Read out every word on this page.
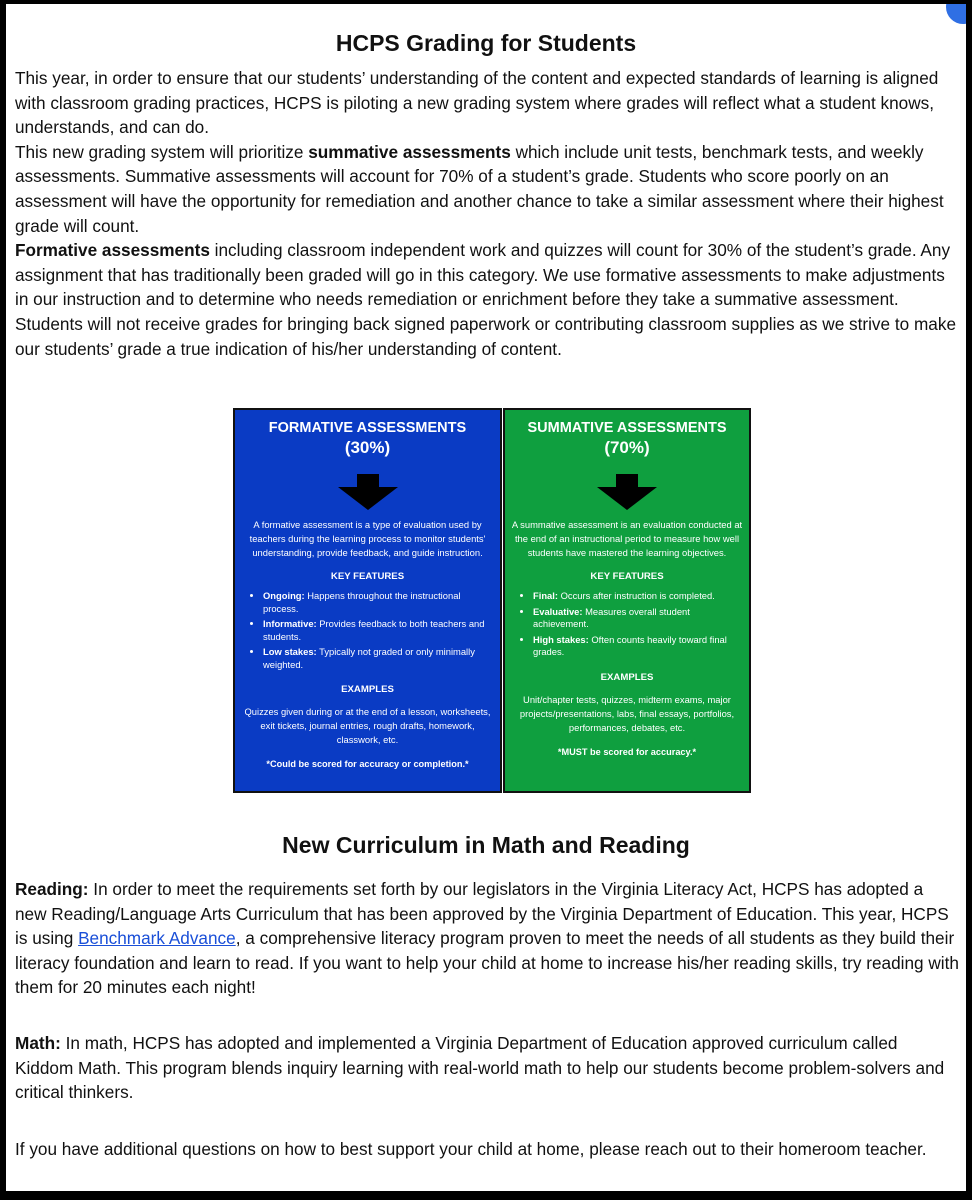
HCPS Grading for Students

This year, in order to ensure that our students’ understanding of the content and expected standards of learning is aligned with classroom grading practices, HCPS is piloting a new grading system where grades will reflect what a student knows, understands, and can do.

This new grading system will prioritize summative assessments which include unit tests, benchmark tests, and weekly assessments. Summative assessments will account for 70% of a student’s grade. Students who score poorly on an assessment will have the opportunity for remediation and another chance to take a similar assessment where their highest grade will count.

Formative assessments including classroom independent work and quizzes will count for 30% of the student’s grade. Any assignment that has traditionally been graded will go in this category. We use formative assessments to make adjustments in our instruction and to determine who needs remediation or enrichment before they take a summative assessment.

Students will not receive grades for bringing back signed paperwork or contributing classroom supplies as we strive to make our students’ grade a true indication of his/her understanding of content.

FORMATIVE ASSESSMENTS
(30%)
A formative assessment is a type of evaluation used by teachers during the learning process to monitor students' understanding, provide feedback, and guide instruction.
KEY FEATURES
• Ongoing: Happens throughout the instructional process.
• Informative: Provides feedback to both teachers and students.
• Low stakes: Typically not graded or only minimally weighted.
EXAMPLES
Quizzes given during or at the end of a lesson, worksheets, exit tickets, journal entries, rough drafts, homework, classwork, etc.
*Could be scored for accuracy or completion.*
SUMMATIVE ASSESSMENTS
(70%)
A summative assessment is an evaluation conducted at the end of an instructional period to measure how well students have mastered the learning objectives.
KEY FEATURES
• Final: Occurs after instruction is completed.
• Evaluative: Measures overall student achievement.
• High stakes: Often counts heavily toward final grades.
EXAMPLES
Unit/chapter tests, quizzes, midterm exams, major projects/presentations, labs, final essays, portfolios, performances, debates, etc.
*MUST be scored for accuracy.*
New Curriculum in Math and Reading

Reading: In order to meet the requirements set forth by our legislators in the Virginia Literacy Act, HCPS has adopted a new Reading/Language Arts Curriculum that has been approved by the Virginia Department of Education. This year, HCPS is using Benchmark Advance, a comprehensive literacy program proven to meet the needs of all students as they build their literacy foundation and learn to read. If you want to help your child at home to increase his/her reading skills, try reading with them for 20 minutes each night!

Math: In math, HCPS has adopted and implemented a Virginia Department of Education approved curriculum called Kiddom Math. This program blends inquiry learning with real-world math to help our students become problem-solvers and critical thinkers.

If you have additional questions on how to best support your child at home, please reach out to their homeroom teacher.
